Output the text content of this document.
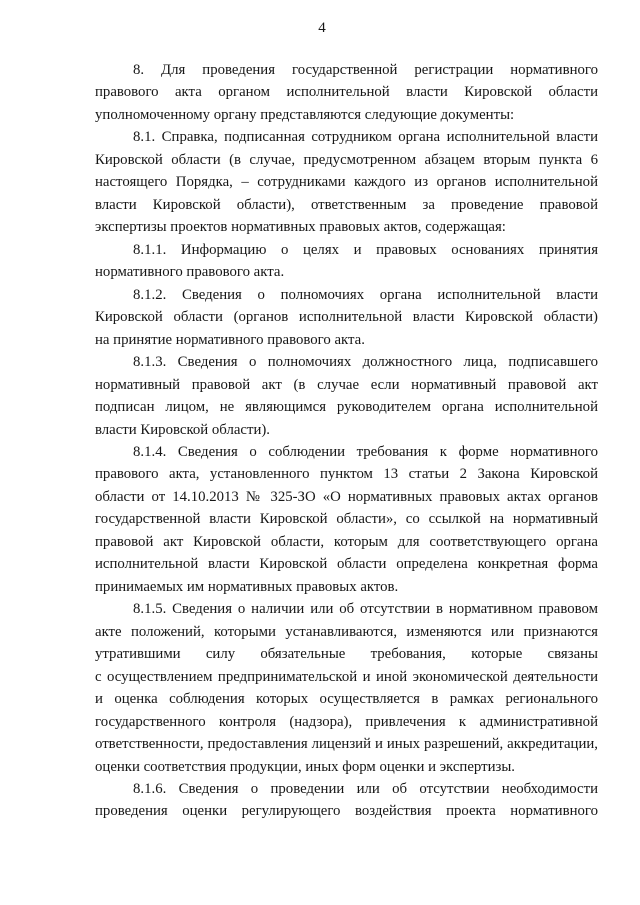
4
8. Для проведения государственной регистрации нормативного
правового акта органом исполнительной власти Кировской области
уполномоченному органу представляются следующие документы:
8.1. Справка, подписанная сотрудником органа исполнительной власти
Кировской области (в случае, предусмотренном абзацем вторым пункта 6
настоящего Порядка, – сотрудниками каждого из органов исполнительной
власти Кировской области), ответственным за проведение правовой
экспертизы проектов нормативных правовых актов, содержащая:
8.1.1. Информацию о целях и правовых основаниях принятия
нормативного правового акта.
8.1.2. Сведения о полномочиях органа исполнительной власти
Кировской области (органов исполнительной власти Кировской области)
на принятие нормативного правового акта.
8.1.3. Сведения о полномочиях должностного лица, подписавшего
нормативный правовой акт (в случае если нормативный правовой акт
подписан лицом, не являющимся руководителем органа исполнительной
власти Кировской области).
8.1.4. Сведения о соблюдении требования к форме нормативного
правового акта, установленного пунктом 13 статьи 2 Закона Кировской
области от 14.10.2013 № 325-ЗО «О нормативных правовых актах органов
государственной власти Кировской области», со ссылкой на нормативный
правовой акт Кировской области, которым для соответствующего органа
исполнительной власти Кировской области определена конкретная форма
принимаемых им нормативных правовых актов.
8.1.5. Сведения о наличии или об отсутствии в нормативном правовом
акте положений, которыми устанавливаются, изменяются или признаются
утратившими силу обязательные требования, которые связаны
с осуществлением предпринимательской и иной экономической деятельности
и оценка соблюдения которых осуществляется в рамках регионального
государственного контроля (надзора), привлечения к административной
ответственности, предоставления лицензий и иных разрешений, аккредитации,
оценки соответствия продукции, иных форм оценки и экспертизы.
8.1.6. Сведения о проведении или об отсутствии необходимости
проведения оценки регулирующего воздействия проекта нормативного
